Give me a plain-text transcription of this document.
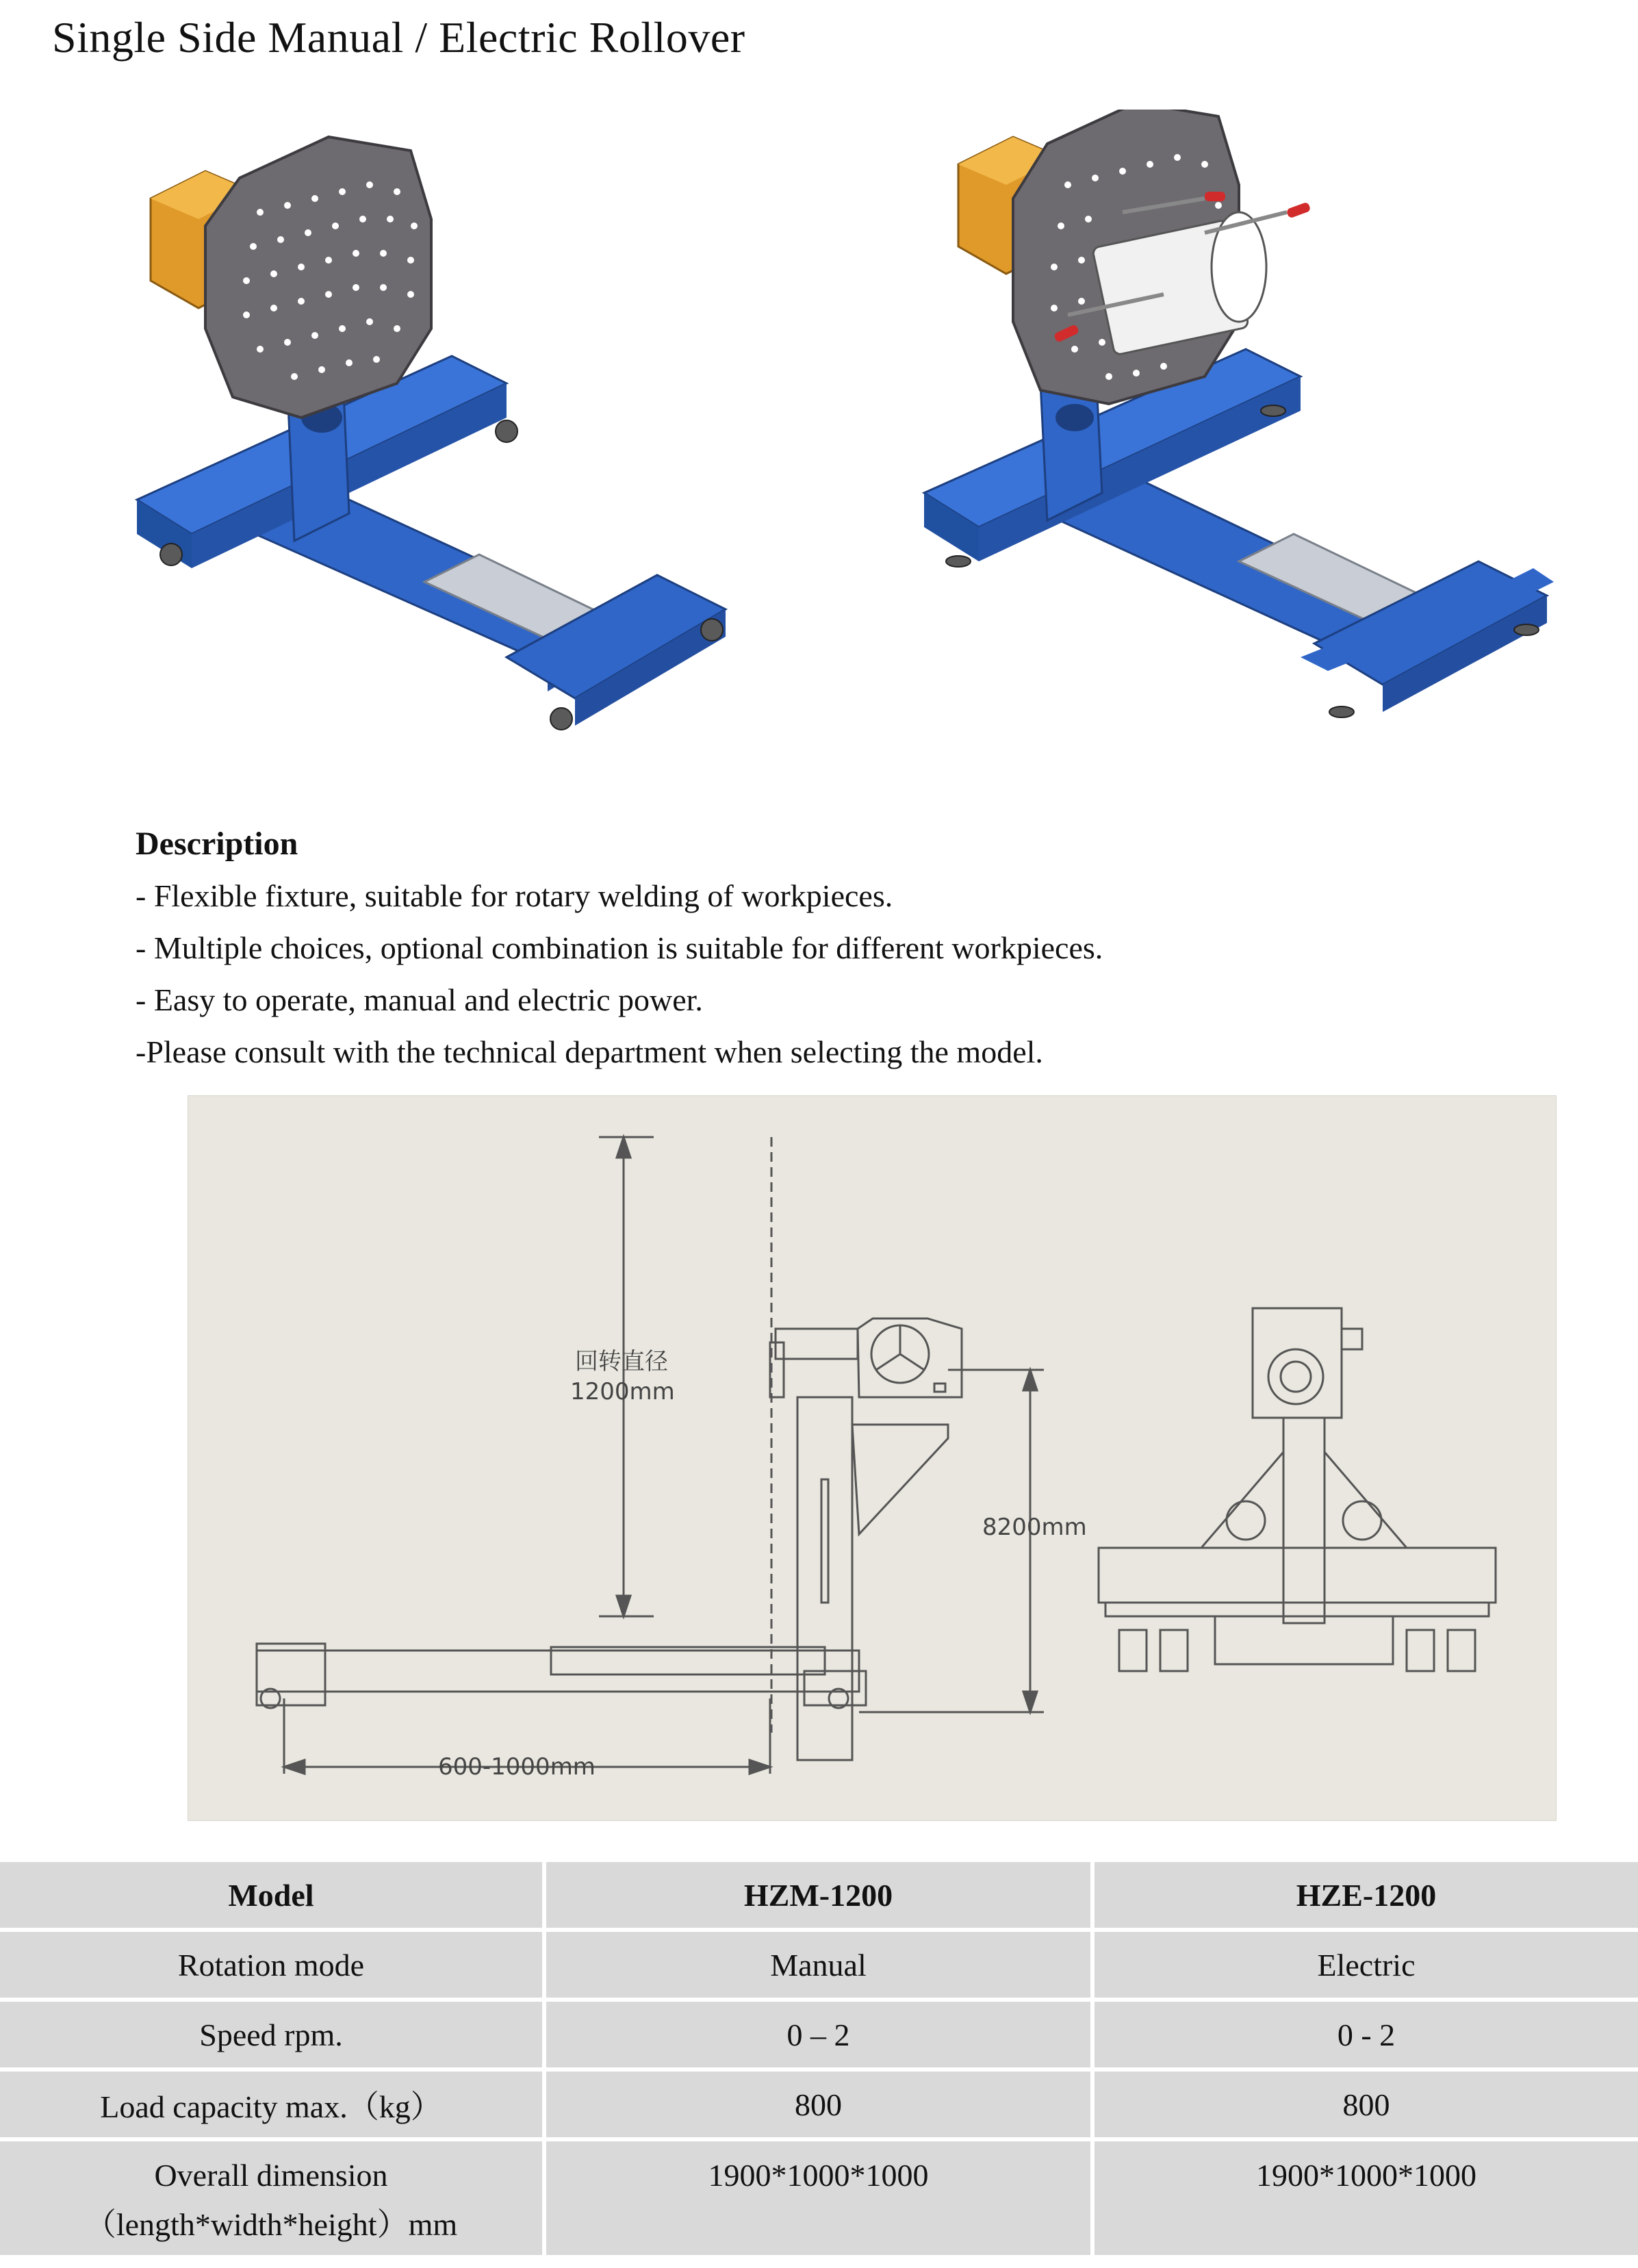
Single Side Manual / Electric Rollover
Description
- Flexible fixture, suitable for rotary welding of workpieces.
- Multiple choices, optional combination is suitable for different workpieces.
- Easy to operate, manual and electric power.
-Please consult with the technical department when selecting the model.
回转直径
1200mm
8200mm
600-1000mm
Model	HZM-1200	HZE-1200
Rotation mode	Manual	Electric
Speed rpm.	0 – 2	0 - 2
Load capacity max.（kg）	800	800

Overall dimension
（length*width*height）mm	1900*1000*1000	1900*1000*1000
